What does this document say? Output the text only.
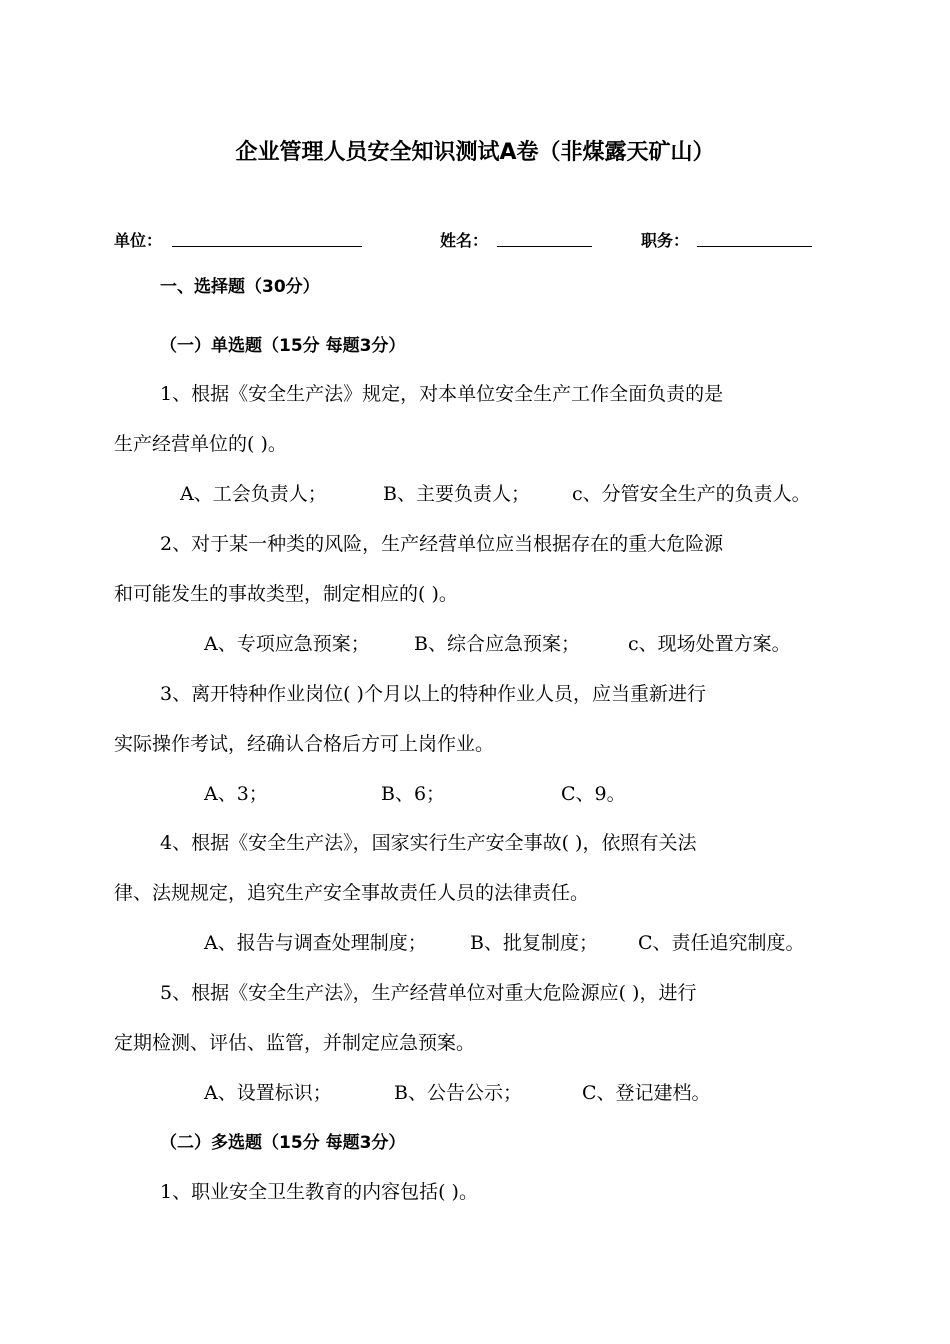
企业管理人员安全知识测试A卷（非煤露天矿山）
单位：	姓名：	职务：
一、选择题（30分）
（一）单选题（15分 每题3分）
1、根据《安全生产法》规定，对本单位安全生产工作全面负责的是
生产经营单位的( )。
A、工会负责人；	B、主要负责人； c、分管安全生产的负责人。
2、对于某一种类的风险，生产经营单位应当根据存在的重大危险源
和可能发生的事故类型，制定相应的( )。
A、专项应急预案； B、综合应急预案；	c、现场处置方案。
3、离开特种作业岗位( )个月以上的特种作业人员，应当重新进行
实际操作考试，经确认合格后方可上岗作业。
A、3；	B、6；	C、9。
4、根据《安全生产法》，国家实行生产安全事故( )，依照有关法
律、法规规定，追究生产安全事故责任人员的法律责任。
A、报告与调查处理制度； B、批复制度； C、责任追究制度。
5、根据《安全生产法》，生产经营单位对重大危险源应( )，进行
定期检测、评估、监管，并制定应急预案。
A、设置标识；	B、公告公示；	C、登记建档。
（二）多选题（15分 每题3分）
1、职业安全卫生教育的内容包括( )。
